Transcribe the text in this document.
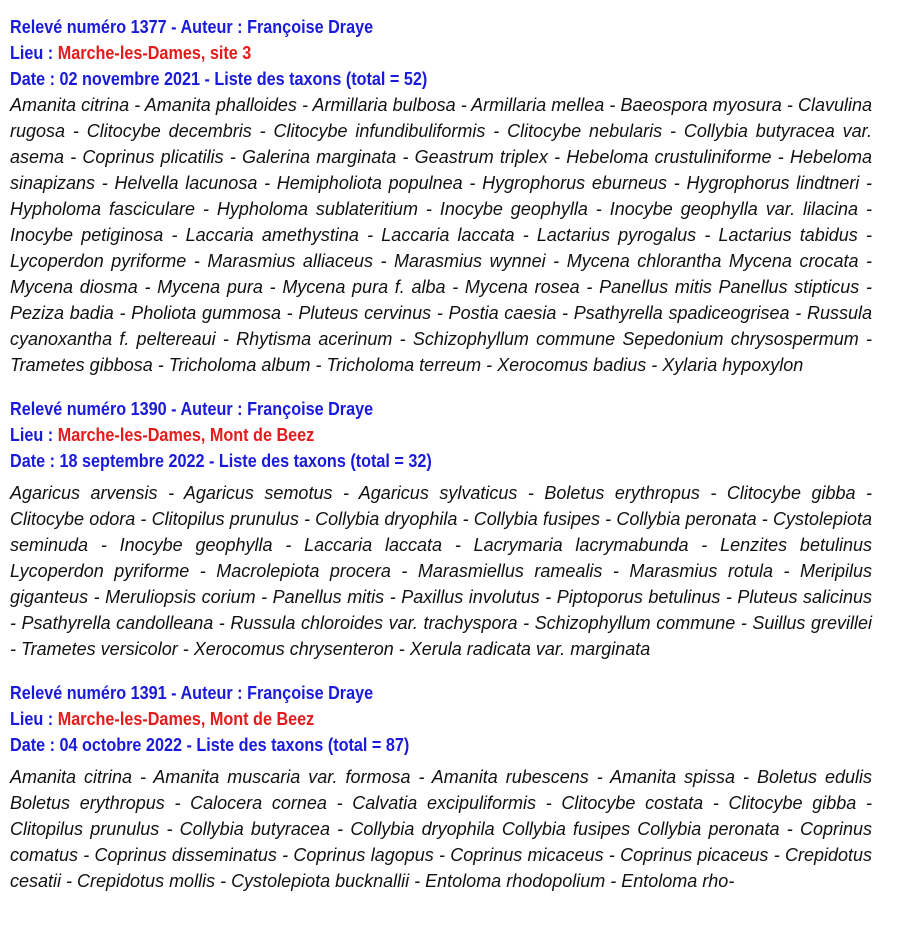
Relevé numéro 1377 - Auteur : Françoise Draye
Lieu : Marche-les-Dames, site 3
Date : 02 novembre 2021 - Liste des taxons (total = 52)
Amanita citrina - Amanita phalloides - Armillaria bulbosa - Armillaria mellea - Baeospora myosura - Clavulina rugosa - Clitocybe decembris - Clitocybe infundibuliformis - Clitocybe nebularis - Collybia butyracea var. asema - Coprinus plicatilis - Galerina marginata - Geastrum triplex - Hebeloma crustuliniforme - Hebeloma sinapizans - Helvella lacunosa - Hemipholiota populnea - Hygrophorus eburneus - Hygrophorus lindtneri - Hypholoma fasciculare - Hypholoma sublateritium - Inocybe geophylla - Inocybe geophylla var. lilacina - Inocybe petiginosa - Laccaria amethystina - Laccaria laccata - Lactarius pyrogalus - Lactarius tabidus - Lycoperdon pyriforme - Marasmius alliaceus - Marasmius wynnei - Mycena chlorantha Mycena crocata - Mycena diosma - Mycena pura - Mycena pura f. alba - Mycena rosea - Panellus mitis Panellus stipticus - Peziza badia - Pholiota gummosa - Pluteus cervinus - Postia caesia - Psathyrella spadiceogrisea - Russula cyanoxantha f. peltereaui - Rhytisma acerinum - Schizophyllum commune Sepedonium chrysospermum - Trametes gibbosa - Tricholoma album - Tricholoma terreum - Xerocomus badius - Xylaria hypoxylon
Relevé numéro 1390 - Auteur : Françoise Draye
Lieu : Marche-les-Dames, Mont de Beez
Date : 18 septembre 2022 - Liste des taxons (total = 32)
Agaricus arvensis - Agaricus semotus - Agaricus sylvaticus - Boletus erythropus - Clitocybe gibba - Clitocybe odora - Clitopilus prunulus - Collybia dryophila - Collybia fusipes - Collybia peronata - Cystolepiota seminuda - Inocybe geophylla - Laccaria laccata - Lacrymaria lacrymabunda - Lenzites betulinus Lycoperdon pyriforme - Macrolepiota procera - Marasmiellus ramealis - Marasmius rotula - Meripilus giganteus - Meruliopsis corium - Panellus mitis - Paxillus involutus - Piptoporus betulinus - Pluteus salicinus - Psathyrella candolleana - Russula chloroides var. trachyspora - Schizophyllum commune - Suillus grevillei - Trametes versicolor - Xerocomus chrysenteron - Xerula radicata var. marginata
Relevé numéro 1391 - Auteur : Françoise Draye
Lieu : Marche-les-Dames, Mont de Beez
Date : 04 octobre 2022 - Liste des taxons (total = 87)
Amanita citrina - Amanita muscaria var. formosa - Amanita rubescens - Amanita spissa - Boletus edulis Boletus erythropus - Calocera cornea - Calvatia excipuliformis - Clitocybe costata - Clitocybe gibba - Clitopilus prunulus - Collybia butyracea - Collybia dryophila Collybia fusipes Collybia peronata - Coprinus comatus - Coprinus disseminatus - Coprinus lagopus - Coprinus micaceus - Coprinus picaceus - Crepidotus cesatii - Crepidotus mollis - Cystolepiota bucknallii - Entoloma rhodopolium - Entoloma rho-
